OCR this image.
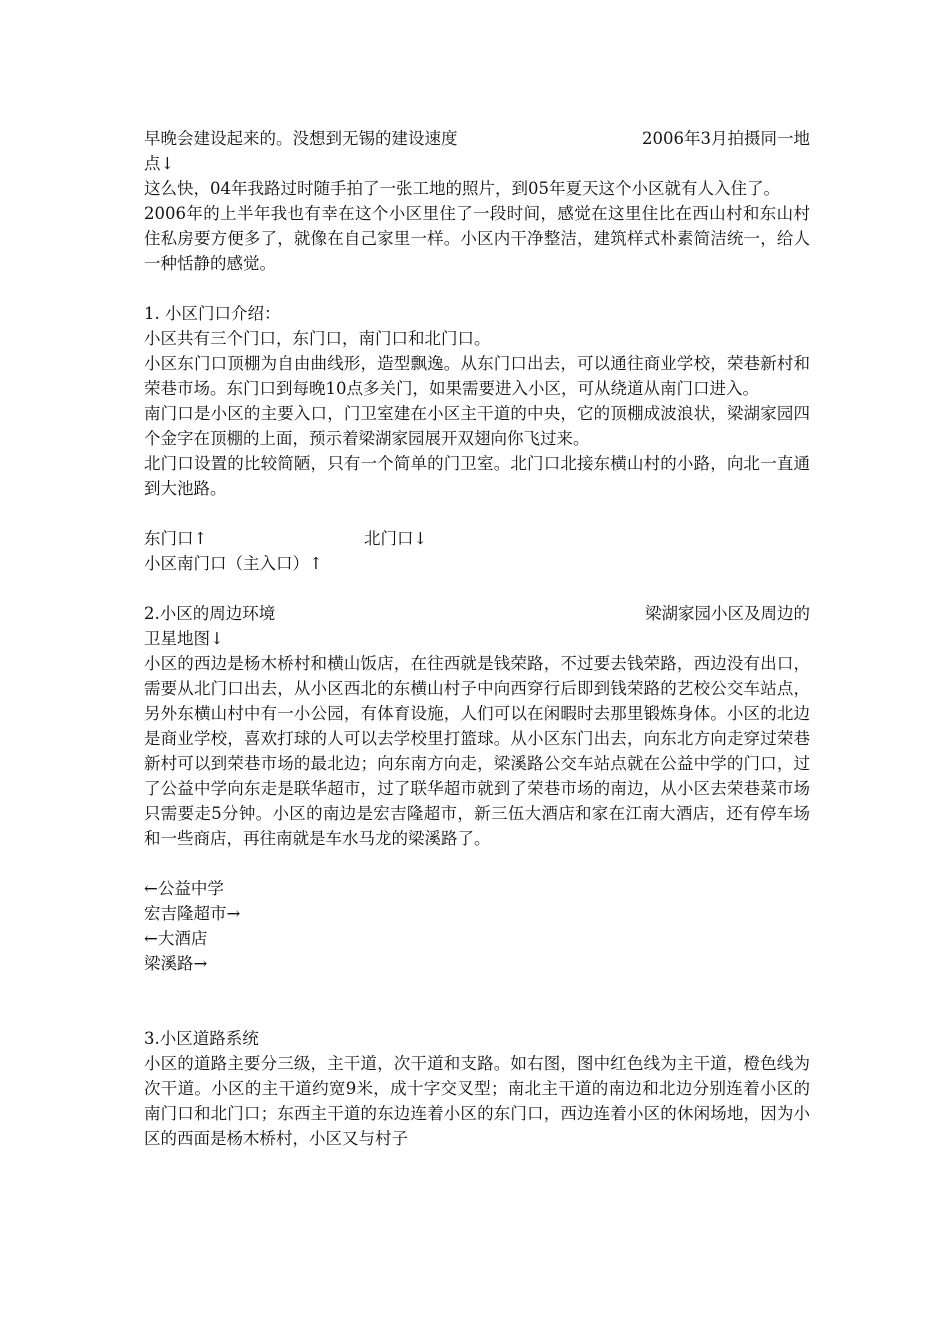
早晚会建设起来的。没想到无锡的建设速度	2006年3月拍摄同一地
点↓
这么快，04年我路过时随手拍了一张工地的照片，到05年夏天这个小区就有人入住了。
2006年的上半年我也有幸在这个小区里住了一段时间，感觉在这里住比在西山村和东山村住私房要方便多了，就像在自己家里一样。小区内干净整洁，建筑样式朴素简洁统一，给人一种恬静的感觉。
1. 小区门口介绍：
小区共有三个门口，东门口，南门口和北门口。
小区东门口顶棚为自由曲线形，造型飘逸。从东门口出去，可以通往商业学校，荣巷新村和荣巷市场。东门口到每晚10点多关门，如果需要进入小区，可从绕道从南门口进入。
南门口是小区的主要入口，门卫室建在小区主干道的中央，它的顶棚成波浪状，梁湖家园四个金字在顶棚的上面，预示着梁湖家园展开双翅向你飞过来。
北门口设置的比较简陋，只有一个简单的门卫室。北门口北接东横山村的小路，向北一直通到大池路。
东门口↑	北门口↓
小区南门口（主入口）↑
2.小区的周边环境	梁湖家园小区及周边的
卫星地图↓
小区的西边是杨木桥村和横山饭店，在往西就是钱荣路，不过要去钱荣路，西边没有出口，需要从北门口出去，从小区西北的东横山村子中向西穿行后即到钱荣路的艺校公交车站点，另外东横山村中有一小公园，有体育设施，人们可以在闲暇时去那里锻炼身体。小区的北边是商业学校，喜欢打球的人可以去学校里打篮球。从小区东门出去，向东北方向走穿过荣巷新村可以到荣巷市场的最北边；向东南方向走，梁溪路公交车站点就在公益中学的门口，过了公益中学向东走是联华超市，过了联华超市就到了荣巷市场的南边，从小区去荣巷菜市场只需要走5分钟。小区的南边是宏吉隆超市，新三伍大酒店和家在江南大酒店，还有停车场和一些商店，再往南就是车水马龙的梁溪路了。
←公益中学
宏吉隆超市→
←大酒店
梁溪路→
3.小区道路系统
小区的道路主要分三级，主干道，次干道和支路。如右图，图中红色线为主干道，橙色线为次干道。小区的主干道约宽9米，成十字交叉型；南北主干道的南边和北边分别连着小区的南门口和北门口；东西主干道的东边连着小区的东门口，西边连着小区的休闲场地，因为小区的西面是杨木桥村，小区又与村子
